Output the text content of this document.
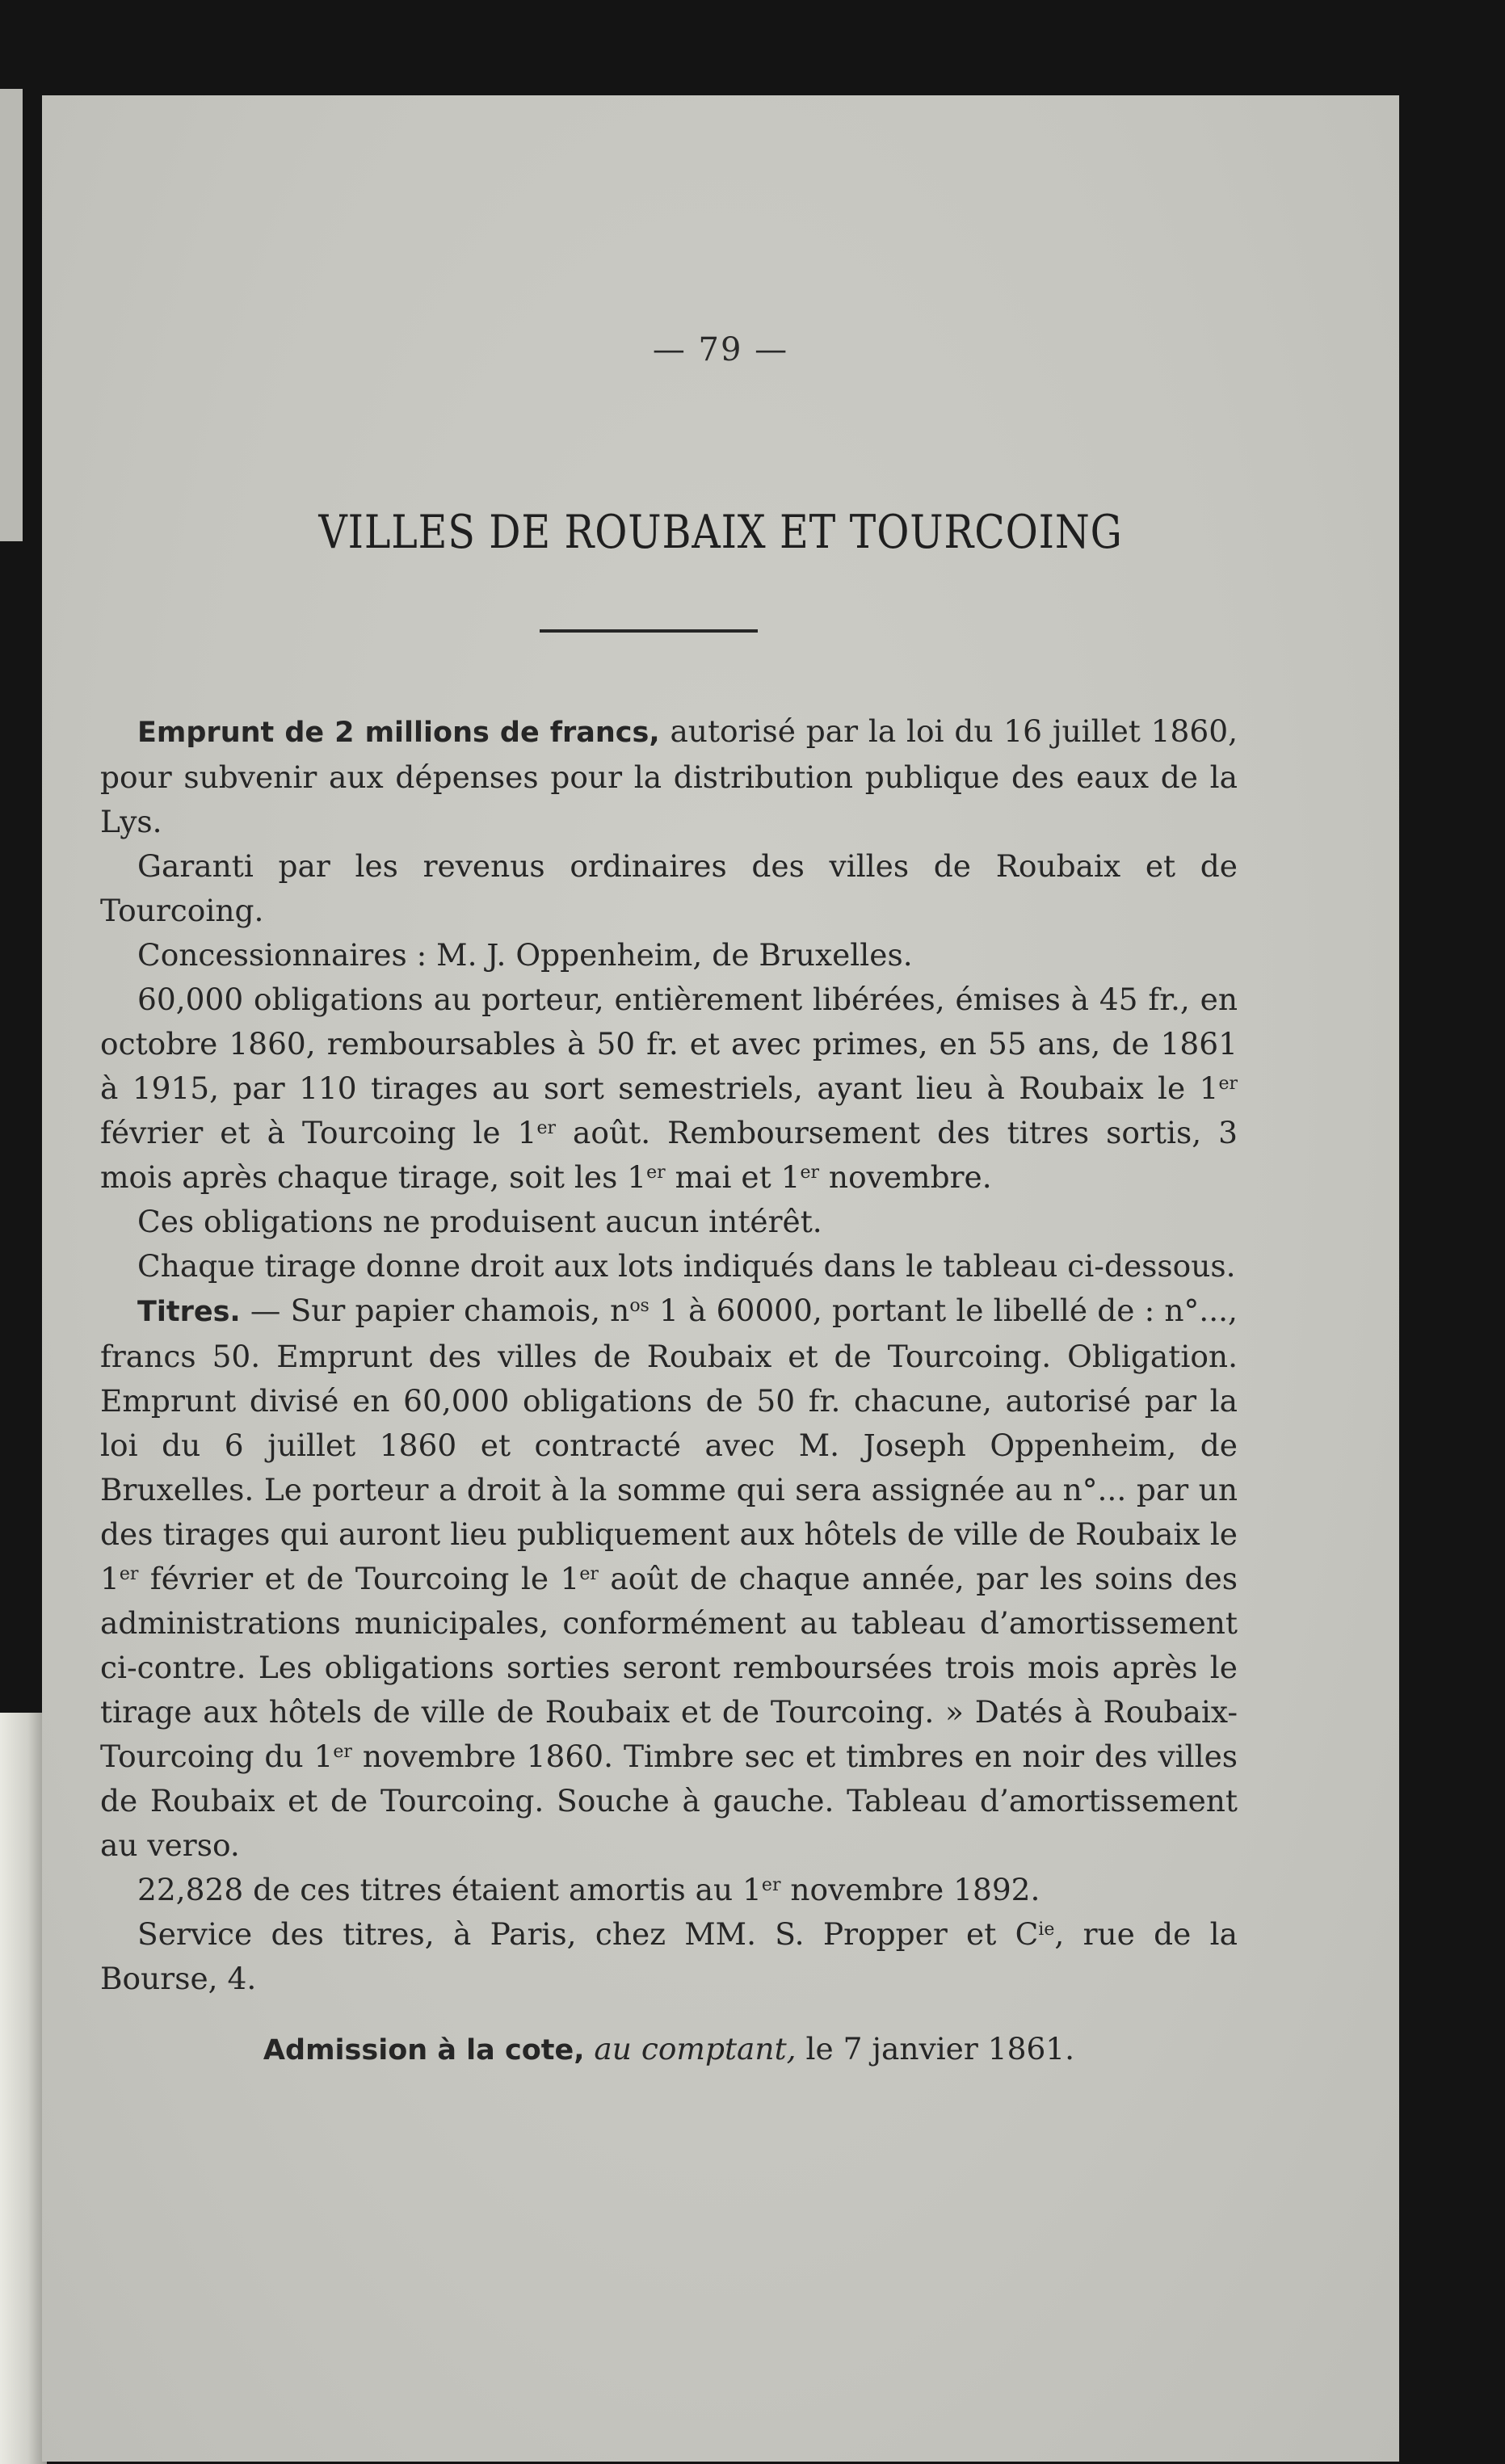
— 79 —
VILLES DE ROUBAIX ET TOURCOING

Emprunt de 2 millions de francs, autorisé par la loi du 16 juillet 1860, pour subvenir aux dépenses pour la distribution publique des eaux de la Lys.

Garanti par les revenus ordinaires des villes de Roubaix et de Tourcoing.

Concessionnaires : M. J. Oppenheim, de Bruxelles.

60,000 obligations au porteur, entièrement libérées, émises à 45 fr., en octobre 1860, remboursables à 50 fr. et avec primes, en 55 ans, de 1861 à 1915, par 110 tirages au sort semestriels, ayant lieu à Roubaix le 1er février et à Tourcoing le 1er août. Remboursement des titres sortis, 3 mois après chaque tirage, soit les 1er mai et 1er novembre.

Ces obligations ne produisent aucun intérêt.

Chaque tirage donne droit aux lots indiqués dans le tableau ci-dessous.

Titres. — Sur papier chamois, $n^{os}$ 1 à 60000, portant le libellé de : n°..., francs 50. Emprunt des villes de Roubaix et de Tourcoing. Obligation. Emprunt divisé en 60,000 obligations de 50 fr. chacune, autorisé par la loi du 6 juillet 1860 et contracté avec M. Joseph Oppenheim, de Bruxelles. Le porteur a droit à la somme qui sera assignée au n°... par un des tirages qui auront lieu publiquement aux hôtels de ville de Roubaix le 1er février et de Tourcoing le 1er août de chaque année, par les soins des administrations municipales, conformément au tableau d’amortissement ci-contre. Les obligations sorties seront remboursées trois mois après le tirage aux hôtels de ville de Roubaix et de Tourcoing. » Datés à Roubaix-Tourcoing du 1er novembre 1860. Timbre sec et timbres en noir des villes de Roubaix et de Tourcoing. Souche à gauche. Tableau d’amortissement au verso.

22,828 de ces titres étaient amortis au 1er novembre 1892.

Service des titres, à Paris, chez MM. S. Propper et $C^{ie}$, rue de la Bourse, 4.

Admission à la cote, au comptant, le 7 janvier 1861.
